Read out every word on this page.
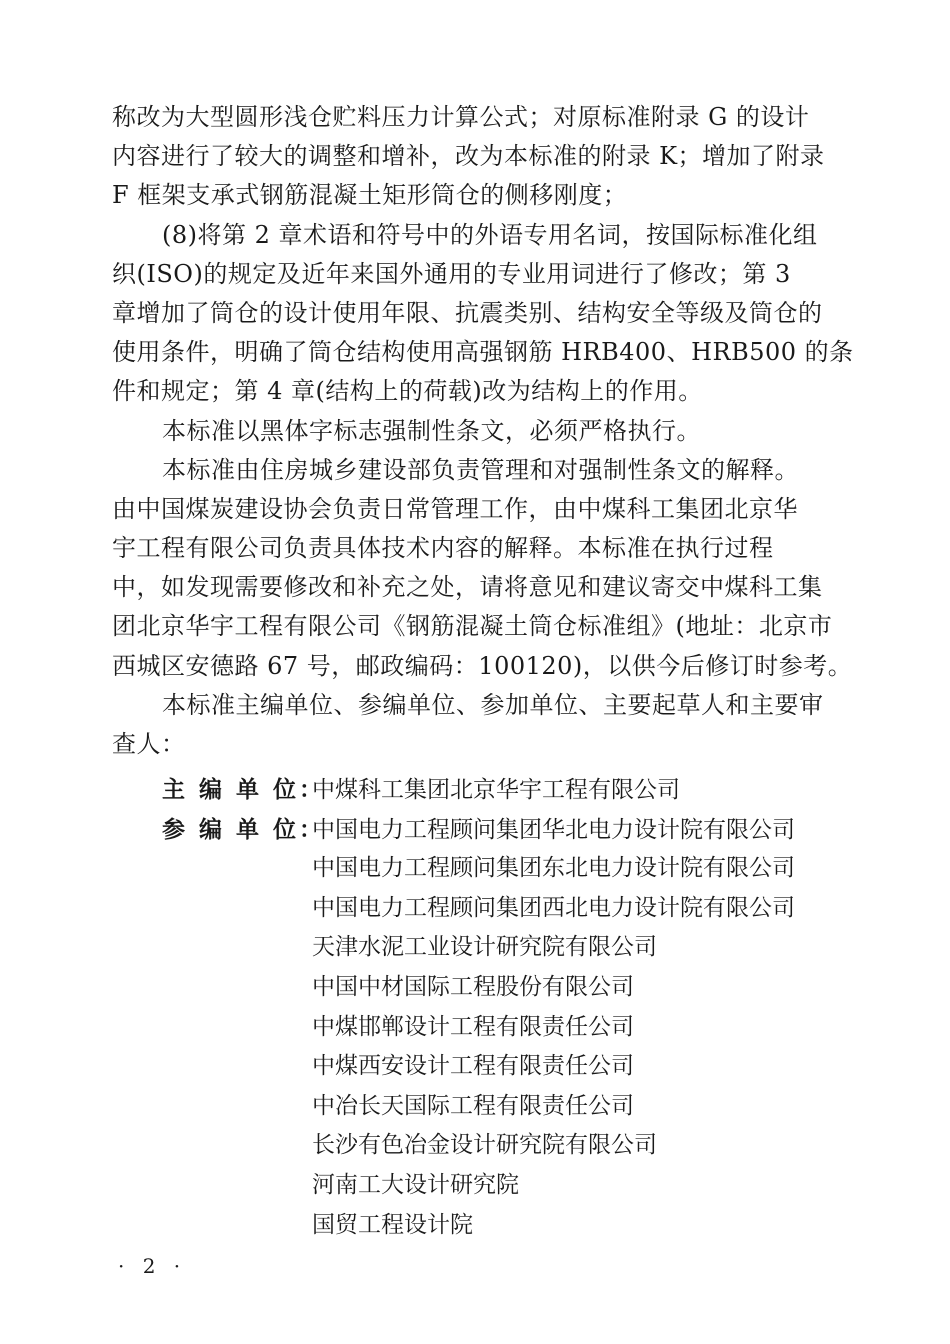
称改为大型圆形浅仓贮料压力计算公式；对原标准附录 G 的设计
内容进行了较大的调整和增补，改为本标准的附录 K；增加了附录
F 框架支承式钢筋混凝土矩形筒仓的侧移刚度；
(8)将第 2 章术语和符号中的外语专用名词，按国际标准化组
织(ISO)的规定及近年来国外通用的专业用词进行了修改；第 3
章增加了筒仓的设计使用年限、抗震类别、结构安全等级及筒仓的
使用条件，明确了筒仓结构使用高强钢筋 HRB400、HRB500 的条
件和规定；第 4 章(结构上的荷载)改为结构上的作用。
本标准以黑体字标志强制性条文，必须严格执行。
本标准由住房城乡建设部负责管理和对强制性条文的解释。
由中国煤炭建设协会负责日常管理工作，由中煤科工集团北京华
宇工程有限公司负责具体技术内容的解释。本标准在执行过程
中，如发现需要修改和补充之处，请将意见和建议寄交中煤科工集
团北京华宇工程有限公司《钢筋混凝土筒仓标准组》(地址：北京市
西城区安德路 67 号，邮政编码：100120)，以供今后修订时参考。
本标准主编单位、参编单位、参加单位、主要起草人和主要审
查人：
主 编 单 位：中煤科工集团北京华宇工程有限公司
参 编 单 位：中国电力工程顾问集团华北电力设计院有限公司
中国电力工程顾问集团东北电力设计院有限公司
中国电力工程顾问集团西北电力设计院有限公司
天津水泥工业设计研究院有限公司
中国中材国际工程股份有限公司
中煤邯郸设计工程有限责任公司
中煤西安设计工程有限责任公司
中冶长天国际工程有限责任公司
长沙有色冶金设计研究院有限公司
河南工大设计研究院
国贸工程设计院
· 2 ·
